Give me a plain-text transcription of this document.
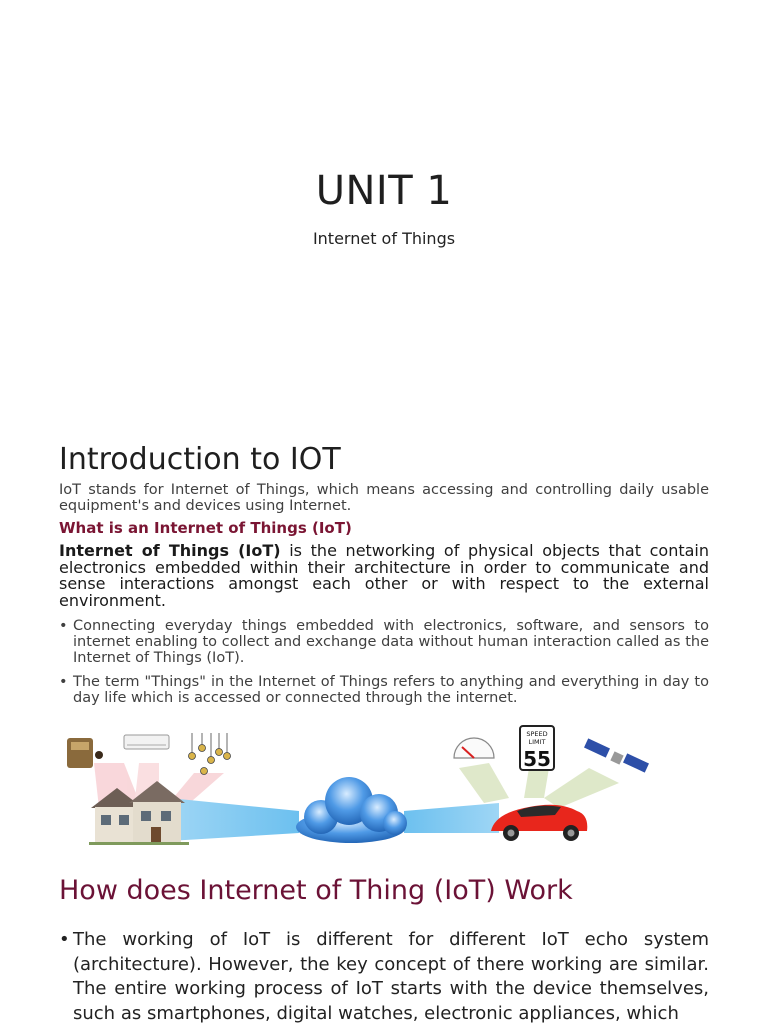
UNIT 1

Internet of Things

Introduction to IOT

IoT stands for Internet of Things, which means accessing and controlling daily usable equipment's and devices using Internet.

What is an Internet of Things (IoT)

Internet of Things (IoT) is the networking of physical objects that contain electronics embedded within their architecture in order to communicate and sense interactions amongst each other or with respect to the external environment.

• Connecting everyday things embedded with electronics, software, and sensors to internet enabling to collect and exchange data without human interaction called as the Internet of Things (IoT).
• The term "Things" in the Internet of Things refers to anything and everything in day to day life which is accessed or connected through the internet.
SPEED
LIMIT
55
How does Internet of Thing (IoT) Work
• The working of IoT is different for different IoT echo system (architecture). However, the key concept of there working are similar. The entire working process of IoT starts with the device themselves, such as smartphones, digital watches, electronic appliances, which
